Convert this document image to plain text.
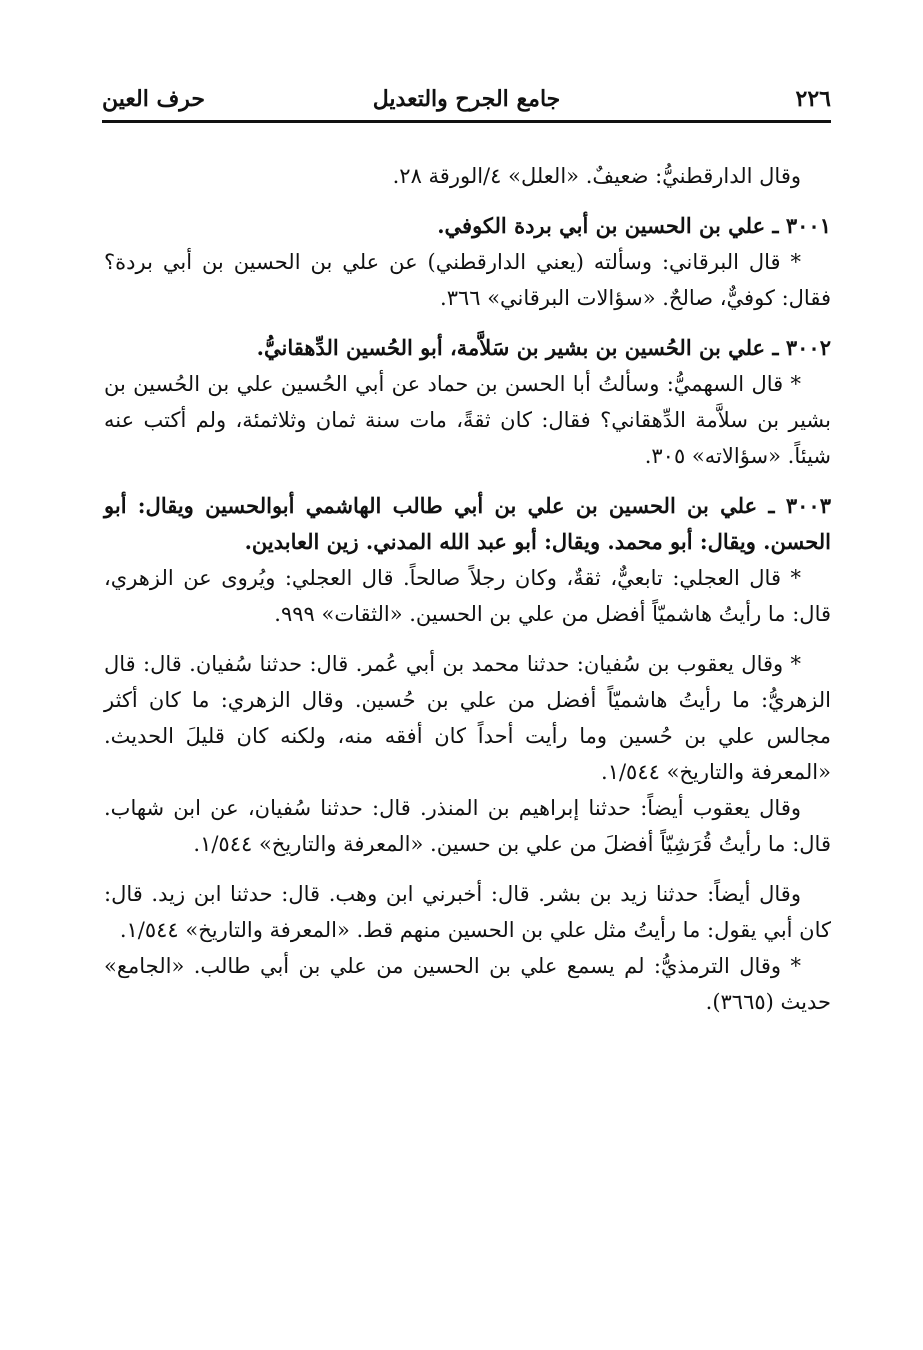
٢٢٦
جامع الجرح والتعديل
حرف العين

وقال الدارقطنيُّ: ضعيفٌ. «العلل» ٤/الورقة ٢٨.

٣٠٠١ ـ علي بن الحسين بن أبي بردة الكوفي.

* قال البرقاني: وسألته (يعني الدارقطني) عن علي بن الحسين بن أبي بردة؟ فقال: كوفيٌّ، صالحٌ. «سؤالات البرقاني» ٣٦٦.

٣٠٠٢ ـ علي بن الحُسين بن بشير بن سَلاَّمة، أبو الحُسين الدِّهقانيُّ.

* قال السهميُّ: وسألتُ أبا الحسن بن حماد عن أبي الحُسين علي بن الحُسين بن بشير بن سلاَّمة الدِّهقاني؟ فقال: كان ثقةً، مات سنة ثمان وثلاثمئة، ولم أكتب عنه شيئاً. «سؤالاته» ٣٠٥.

٣٠٠٣ ـ علي بن الحسين بن علي بن أبي طالب الهاشمي أبوالحسين ويقال: أبو الحسن. ويقال: أبو محمد. ويقال: أبو عبد الله المدني. زين العابدين.

* قال العجلي: تابعيٌّ، ثقةٌ، وكان رجلاً صالحاً. قال العجلي: ويُروى عن الزهري، قال: ما رأيتُ هاشميّاً أفضل من علي بن الحسين. «الثقات» ٩٩٩.

* وقال يعقوب بن سُفيان: حدثنا محمد بن أبي عُمر. قال: حدثنا سُفيان. قال: قال الزهريُّ: ما رأيتُ هاشميّاً أفضل من علي بن حُسين. وقال الزهري: ما كان أكثر مجالس علي بن حُسين وما رأيت أحداً كان أفقه منه، ولكنه كان قليلَ الحديث. «المعرفة والتاريخ» ١/٥٤٤.

وقال يعقوب أيضاً: حدثنا إبراهيم بن المنذر. قال: حدثنا سُفيان، عن ابن شهاب. قال: ما رأيتُ قُرَشِيّاً أفضلَ من علي بن حسين. «المعرفة والتاريخ» ١/٥٤٤.

وقال أيضاً: حدثنا زيد بن بشر. قال: أخبرني ابن وهب. قال: حدثنا ابن زيد. قال: كان أبي يقول: ما رأيتُ مثل علي بن الحسين منهم قط. «المعرفة والتاريخ» ١/٥٤٤.

* وقال الترمذيُّ: لم يسمع علي بن الحسين من علي بن أبي طالب. «الجامع» حديث (٣٦٦٥).
